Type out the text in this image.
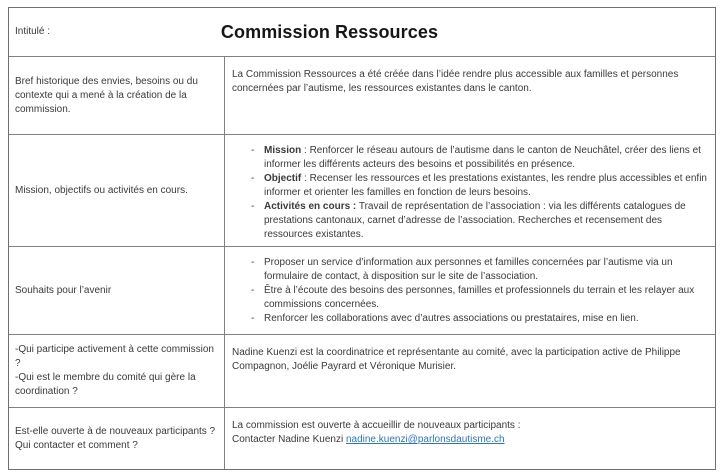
Intitulé :	Commission Ressources
Bref historique des envies, besoins ou du contexte qui a mené à la création de la commission.
La Commission Ressources a été créée dans l’idée rendre plus accessible aux familles et personnes concernées par l’autisme, les ressources existantes dans le canton.
Mission, objectifs ou activités en cours.
- Mission : Renforcer le réseau autours de l’autisme dans le canton de Neuchâtel, créer des liens et informer les différents acteurs des besoins et possibilités en présence.
- Objectif : Recenser les ressources et les prestations existantes, les rendre plus accessibles et enfin informer et orienter les familles en fonction de leurs besoins.
- Activités en cours : Travail de représentation de l’association : via les différents catalogues de prestations cantonaux, carnet d’adresse de l’association. Recherches et recensement des ressources existantes.
Souhaits pour l’avenir
- Proposer un service d’information aux personnes et familles concernées par l’autisme via un formulaire de contact, à disposition sur le site de l’association.
- Être à l’écoute des besoins des personnes, familles et professionnels du terrain et les relayer aux commissions concernées.
- Renforcer les collaborations avec d’autres associations ou prestataires, mise en lien.
-Qui participe activement à cette commission ?
-Qui est le membre du comité qui gère la coordination ?
Nadine Kuenzi est la coordinatrice et représentante au comité, avec la participation active de Philippe Compagnon, Joélie Payrard et Véronique Murisier.
Est-elle ouverte à de nouveaux participants ?
Qui contacter et comment ?
La commission est ouverte à accueillir de nouveaux participants :
Contacter Nadine Kuenzi nadine.kuenzi@parlonsdautisme.ch
